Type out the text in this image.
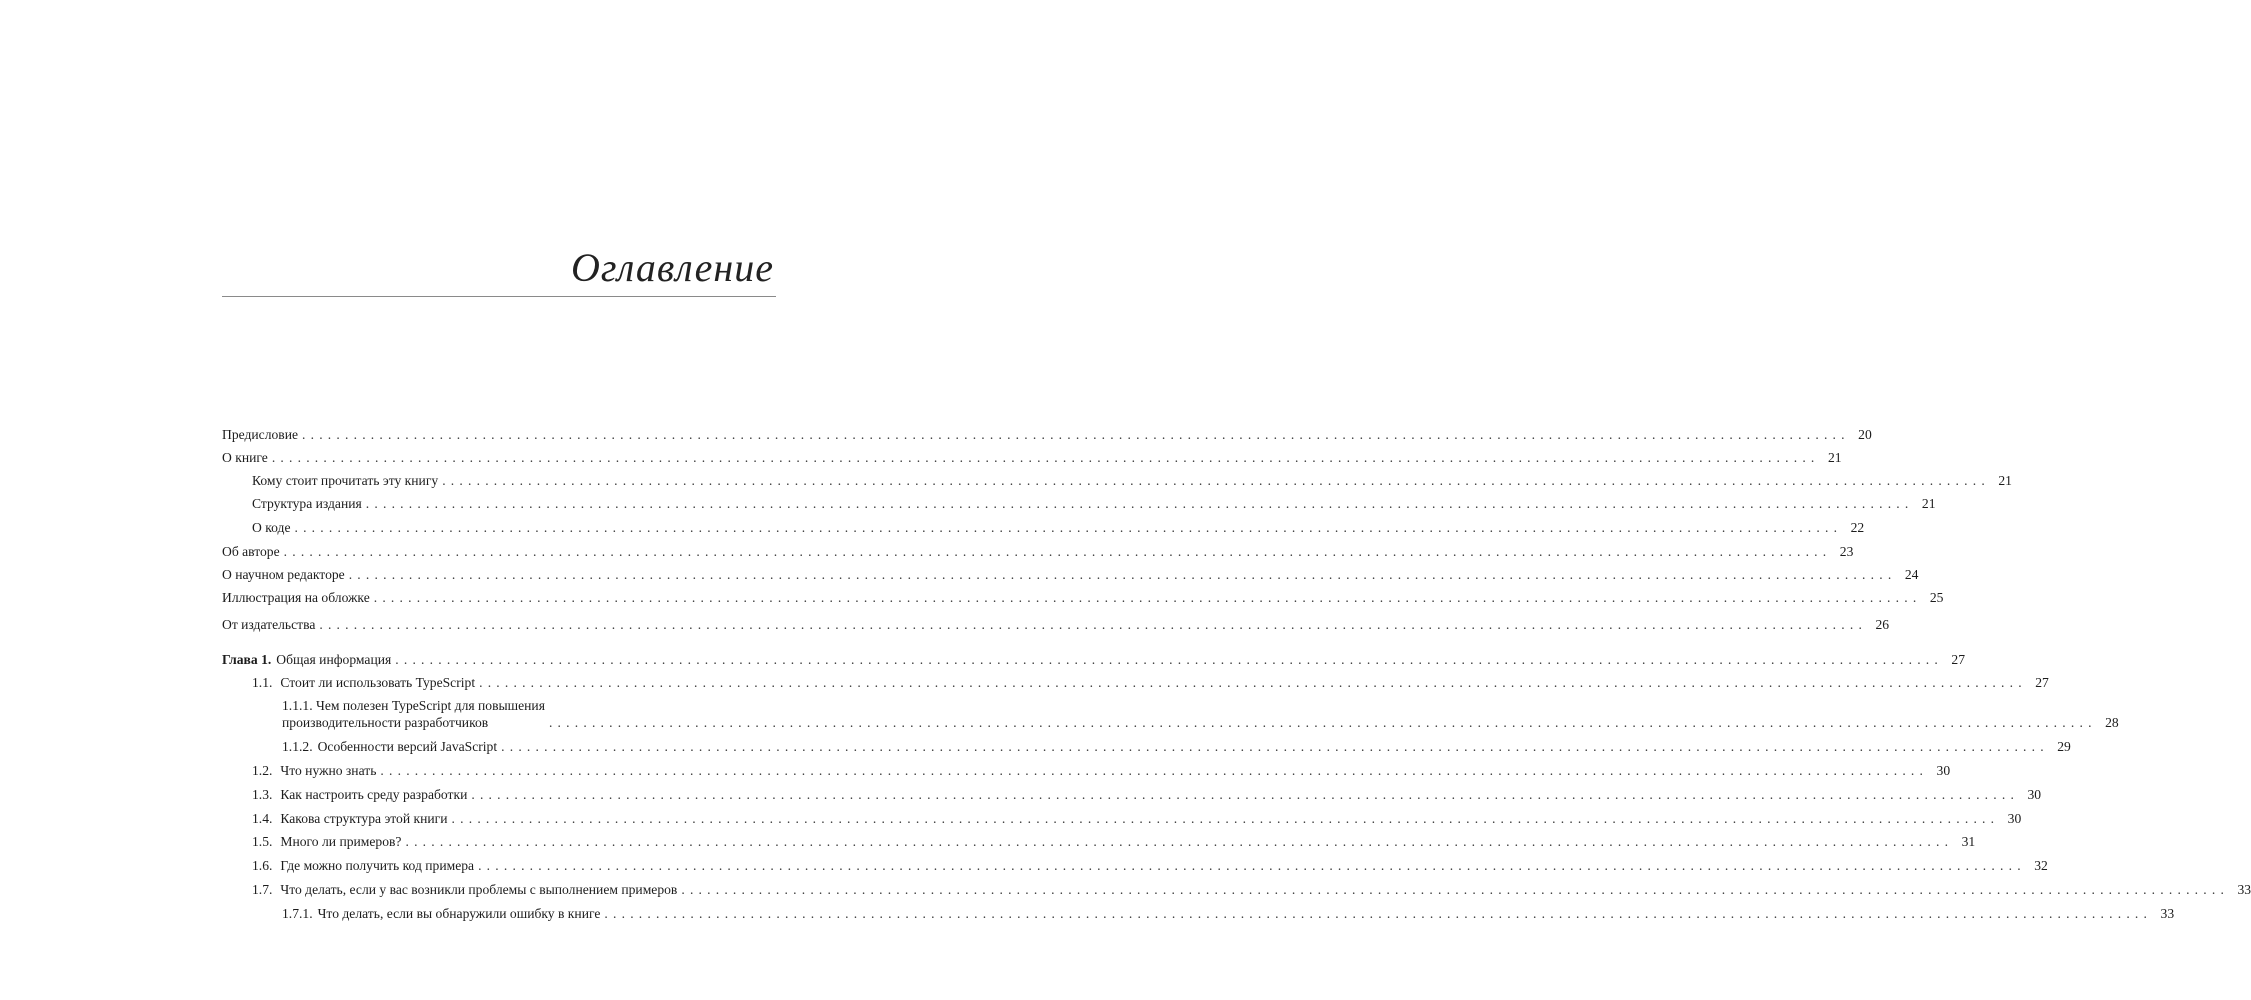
Оглавление
Предисловие .................................................................................................................................................................................... 20
О книге .................................................................................................................................................................................... 21
Кому стоит прочитать эту книгу .................................................................................................................................................................................... 21
Структура издания .................................................................................................................................................................................... 21
О коде .................................................................................................................................................................................... 22
Об авторе .................................................................................................................................................................................... 23
О научном редакторе .................................................................................................................................................................................... 24
Иллюстрация на обложке .................................................................................................................................................................................... 25
От издательства .................................................................................................................................................................................... 26
Глава 1. Общая информация .................................................................................................................................................................................... 27
1.1. Стоит ли использовать TypeScript .................................................................................................................................................................................... 27
1.1.1. Чем полезен TypeScript для повышения
производительности разработчиков	.................................................................................................................................................................................... 28
1.1.2. Особенности версий JavaScript .................................................................................................................................................................................... 29
1.2. Что нужно знать .................................................................................................................................................................................... 30
1.3. Как настроить среду разработки .................................................................................................................................................................................... 30
1.4. Какова структура этой книги .................................................................................................................................................................................... 30
1.5. Много ли примеров? .................................................................................................................................................................................... 31
1.6. Где можно получить код примера .................................................................................................................................................................................... 32
1.7. Что делать, если у вас возникли проблемы с выполнением примеров .................................................................................................................................................................................... 33
1.7.1. Что делать, если вы обнаружили ошибку в книге .................................................................................................................................................................................... 33
